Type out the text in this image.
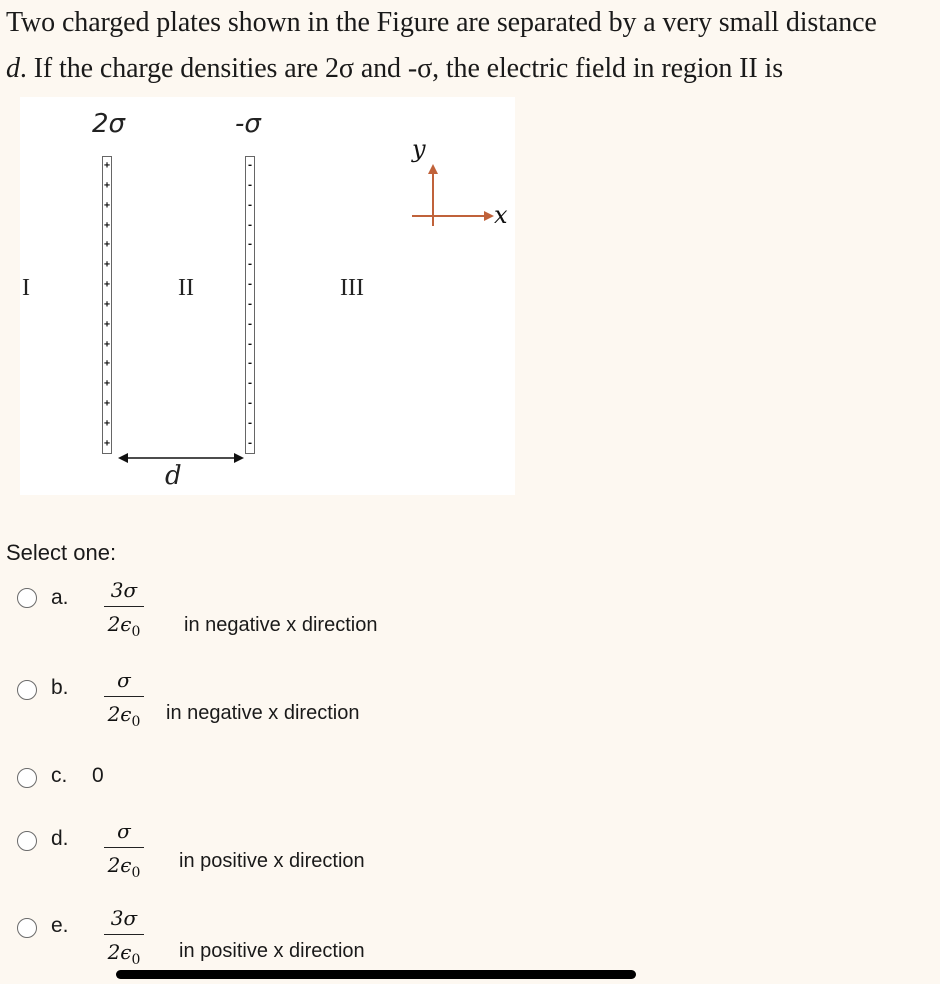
Two charged plates shown in the Figure are separated by a very small distance
d. If the charge densities are 2σ and -σ, the electric field in region II is
2σ	-σ
I	II	III
+
+
+
+
+
+
+
+
+
+
+
+
+
+
+
-
-
-
-
-
-
-
-
-
-
-
-
-
-
-
d
y
x
Select one:
a.	3σ
$2\epsilon_0$ in negative x direction
b.	σ
$2\epsilon_0$ in negative x direction
c. 0
d.	σ
$2\epsilon_0$
in positive x direction
e.	3σ
$2\epsilon_0$ in positive x direction
